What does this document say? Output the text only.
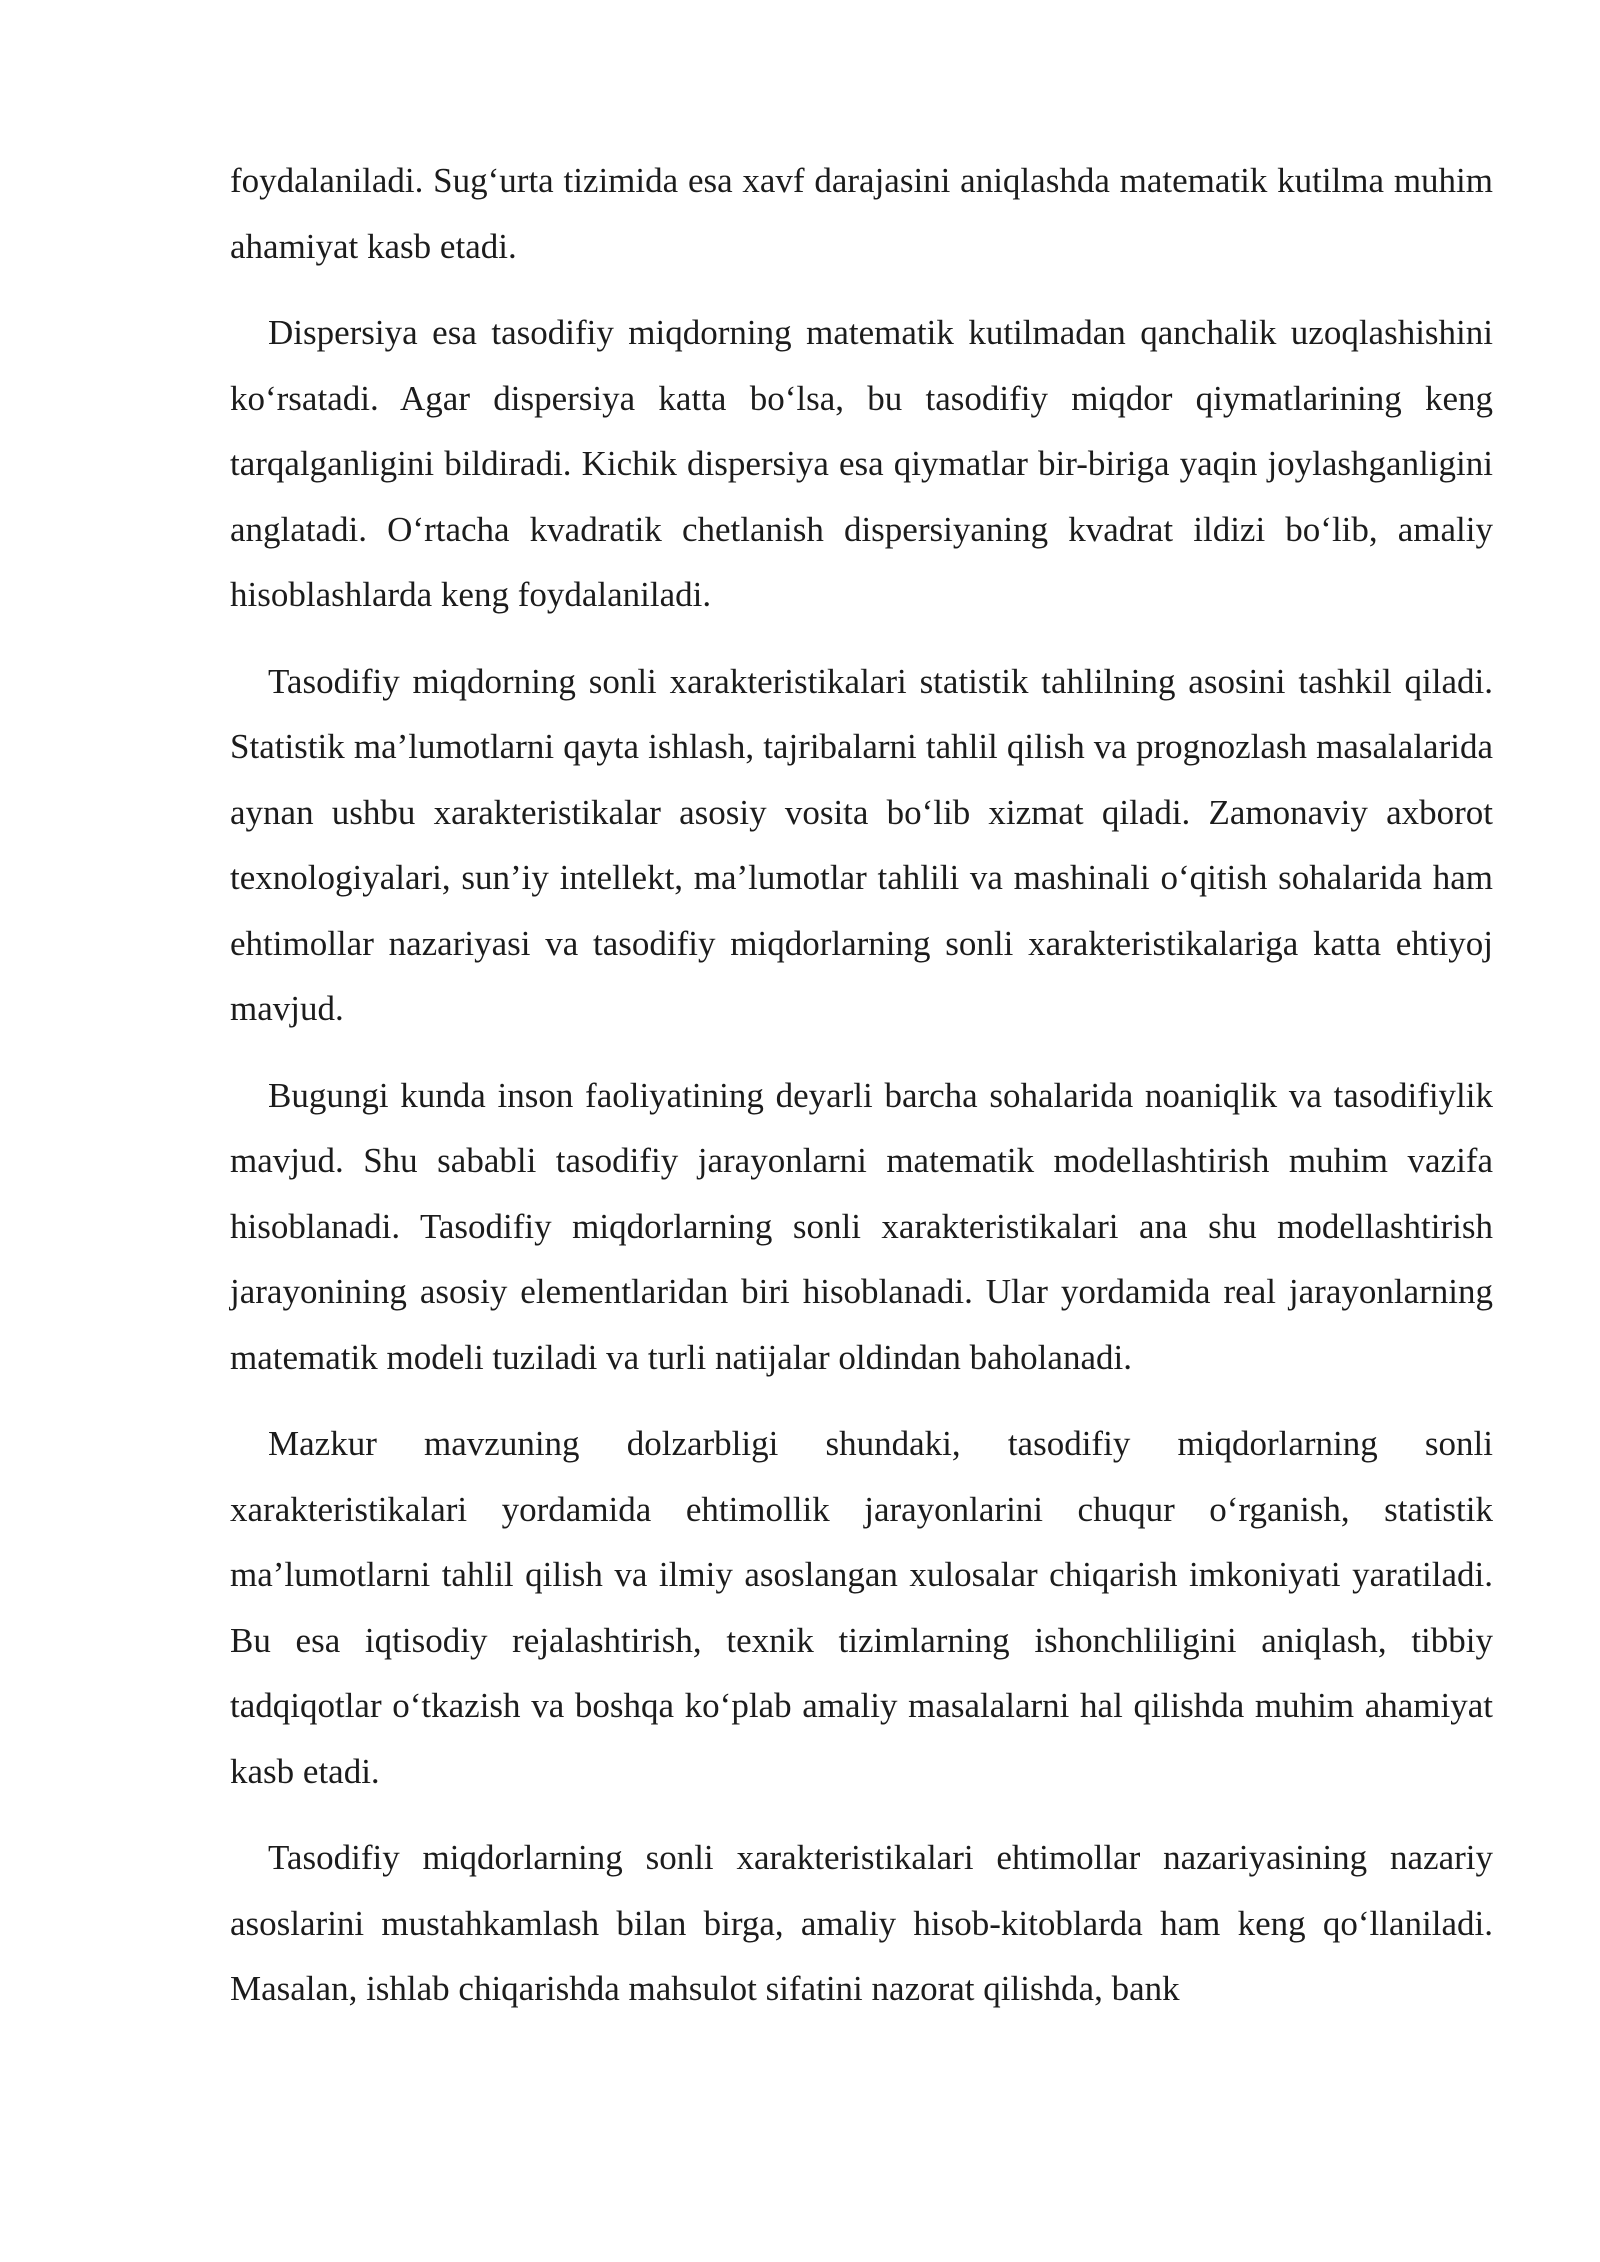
foydalaniladi. Sug‘urta tizimida esa xavf darajasini aniqlashda matematik kutilma muhim ahamiyat kasb etadi.

Dispersiya esa tasodifiy miqdorning matematik kutilmadan qanchalik uzoqlashishini ko‘rsatadi. Agar dispersiya katta bo‘lsa, bu tasodifiy miqdor qiymatlarining keng tarqalganligini bildiradi. Kichik dispersiya esa qiymatlar bir-biriga yaqin joylashganligini anglatadi. O‘rtacha kvadratik chetlanish dispersiyaning kvadrat ildizi bo‘lib, amaliy hisoblashlarda keng foydalaniladi.

Tasodifiy miqdorning sonli xarakteristikalari statistik tahlilning asosini tashkil qiladi. Statistik ma’lumotlarni qayta ishlash, tajribalarni tahlil qilish va prognozlash masalalarida aynan ushbu xarakteristikalar asosiy vosita bo‘lib xizmat qiladi. Zamonaviy axborot texnologiyalari, sun’iy intellekt, ma’lumotlar tahlili va mashinali o‘qitish sohalarida ham ehtimollar nazariyasi va tasodifiy miqdorlarning sonli xarakteristikalariga katta ehtiyoj mavjud.

Bugungi kunda inson faoliyatining deyarli barcha sohalarida noaniqlik va tasodifiylik mavjud. Shu sababli tasodifiy jarayonlarni matematik modellashtirish muhim vazifa hisoblanadi. Tasodifiy miqdorlarning sonli xarakteristikalari ana shu modellashtirish jarayonining asosiy elementlaridan biri hisoblanadi. Ular yordamida real jarayonlarning matematik modeli tuziladi va turli natijalar oldindan baholanadi.

Mazkur mavzuning dolzarbligi shundaki, tasodifiy miqdorlarning sonli xarakteristikalari yordamida ehtimollik jarayonlarini chuqur o‘rganish, statistik ma’lumotlarni tahlil qilish va ilmiy asoslangan xulosalar chiqarish imkoniyati yaratiladi. Bu esa iqtisodiy rejalashtirish, texnik tizimlarning ishonchliligini aniqlash, tibbiy tadqiqotlar o‘tkazish va boshqa ko‘plab amaliy masalalarni hal qilishda muhim ahamiyat kasb etadi.

Tasodifiy miqdorlarning sonli xarakteristikalari ehtimollar nazariyasining nazariy asoslarini mustahkamlash bilan birga, amaliy hisob-kitoblarda ham keng qo‘llaniladi. Masalan, ishlab chiqarishda mahsulot sifatini nazorat qilishda, bank
